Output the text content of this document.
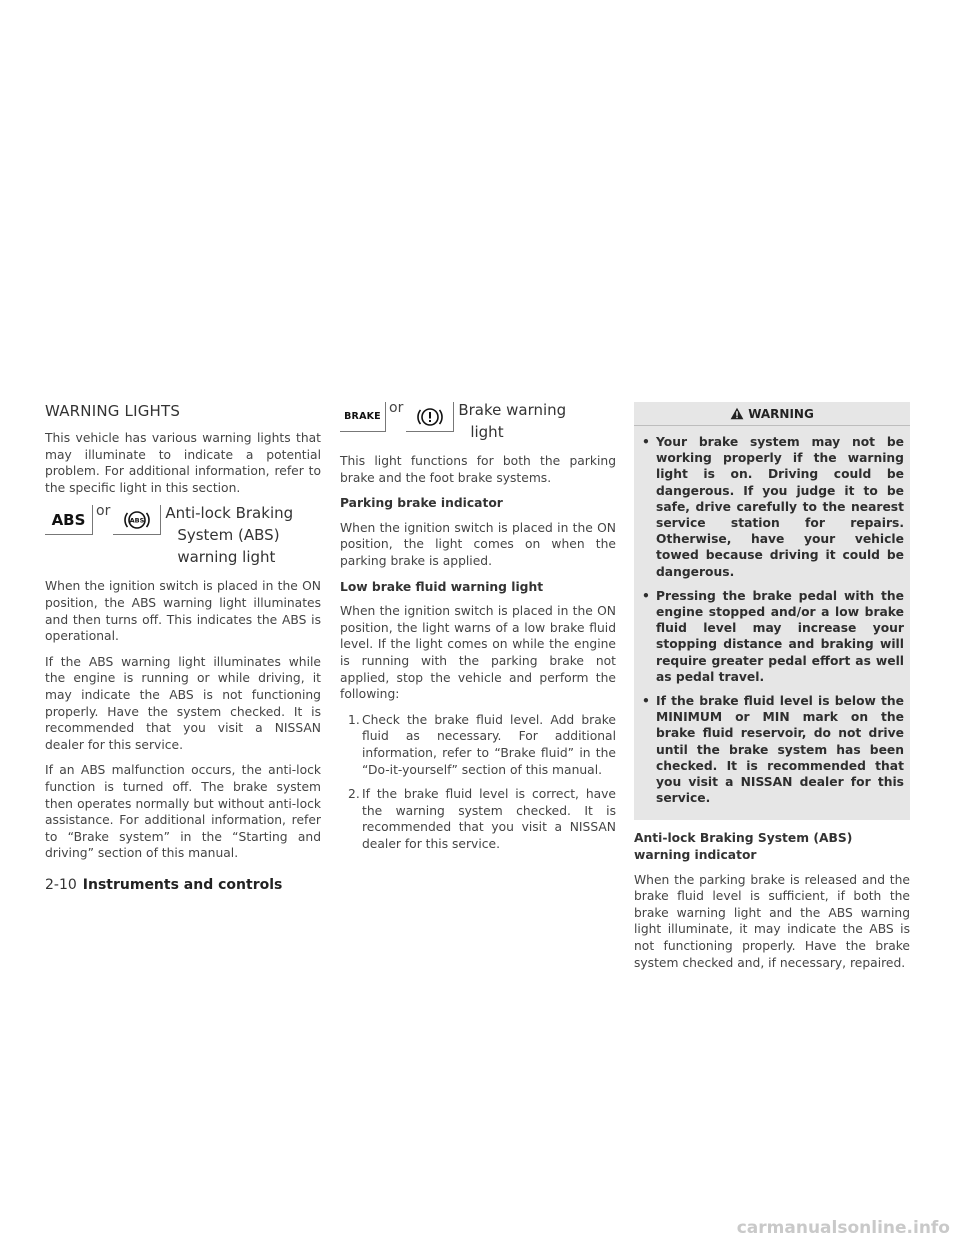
WARNING LIGHTS

This vehicle has various warning lights that may illuminate to indicate a potential problem. For additional information, refer to the specific light in this section.

ABS or
ABS Anti-lock Braking
System (ABS)
warning light

When the ignition switch is placed in the ON position, the ABS warning light illuminates and then turns off. This indicates the ABS is operational.

If the ABS warning light illuminates while the engine is running or while driving, it may indicate the ABS is not functioning properly. Have the system checked. It is recommended that you visit a NISSAN dealer for this service.

If an ABS malfunction occurs, the anti-lock function is turned off. The brake system then operates normally but without anti-lock assistance. For additional information, refer to “Brake system” in the “Starting and driving” section of this manual.

BRAKE
or	Brake warning
light

This light functions for both the parking brake and the foot brake systems.

Parking brake indicator

When the ignition switch is placed in the ON position, the light comes on when the parking brake is applied.

Low brake fluid warning light

When the ignition switch is placed in the ON position, the light warns of a low brake fluid level. If the light comes on while the engine is running with the parking brake not applied, stop the vehicle and perform the following:

1. Check the brake fluid level. Add brake fluid as necessary. For additional information, refer to “Brake fluid” in the “Do-it-yourself” section of this manual.
2. If the brake fluid level is correct, have the warning system checked. It is recommended that you visit a NISSAN dealer for this service.
WARNING
• Your brake system may not be working properly if the warning light is on. Driving could be dangerous. If you judge it to be safe, drive carefully to the nearest service station for repairs. Otherwise, have your vehicle towed because driving it could be dangerous.
• Pressing the brake pedal with the engine stopped and/or a low brake fluid level may increase your stopping distance and braking will require greater pedal effort as well as pedal travel.
• If the brake fluid level is below the MINIMUM or MIN mark on the brake fluid reservoir, do not drive until the brake system has been checked. It is recommended that you visit a NISSAN dealer for this service.

Anti-lock Braking System (ABS) warning indicator

When the parking brake is released and the brake fluid level is sufficient, if both the brake warning light and the ABS warning light illuminate, it may indicate the ABS is not functioning properly. Have the brake system checked and, if necessary, repaired.

2-10 Instruments and controls
carmanualsonline.info
